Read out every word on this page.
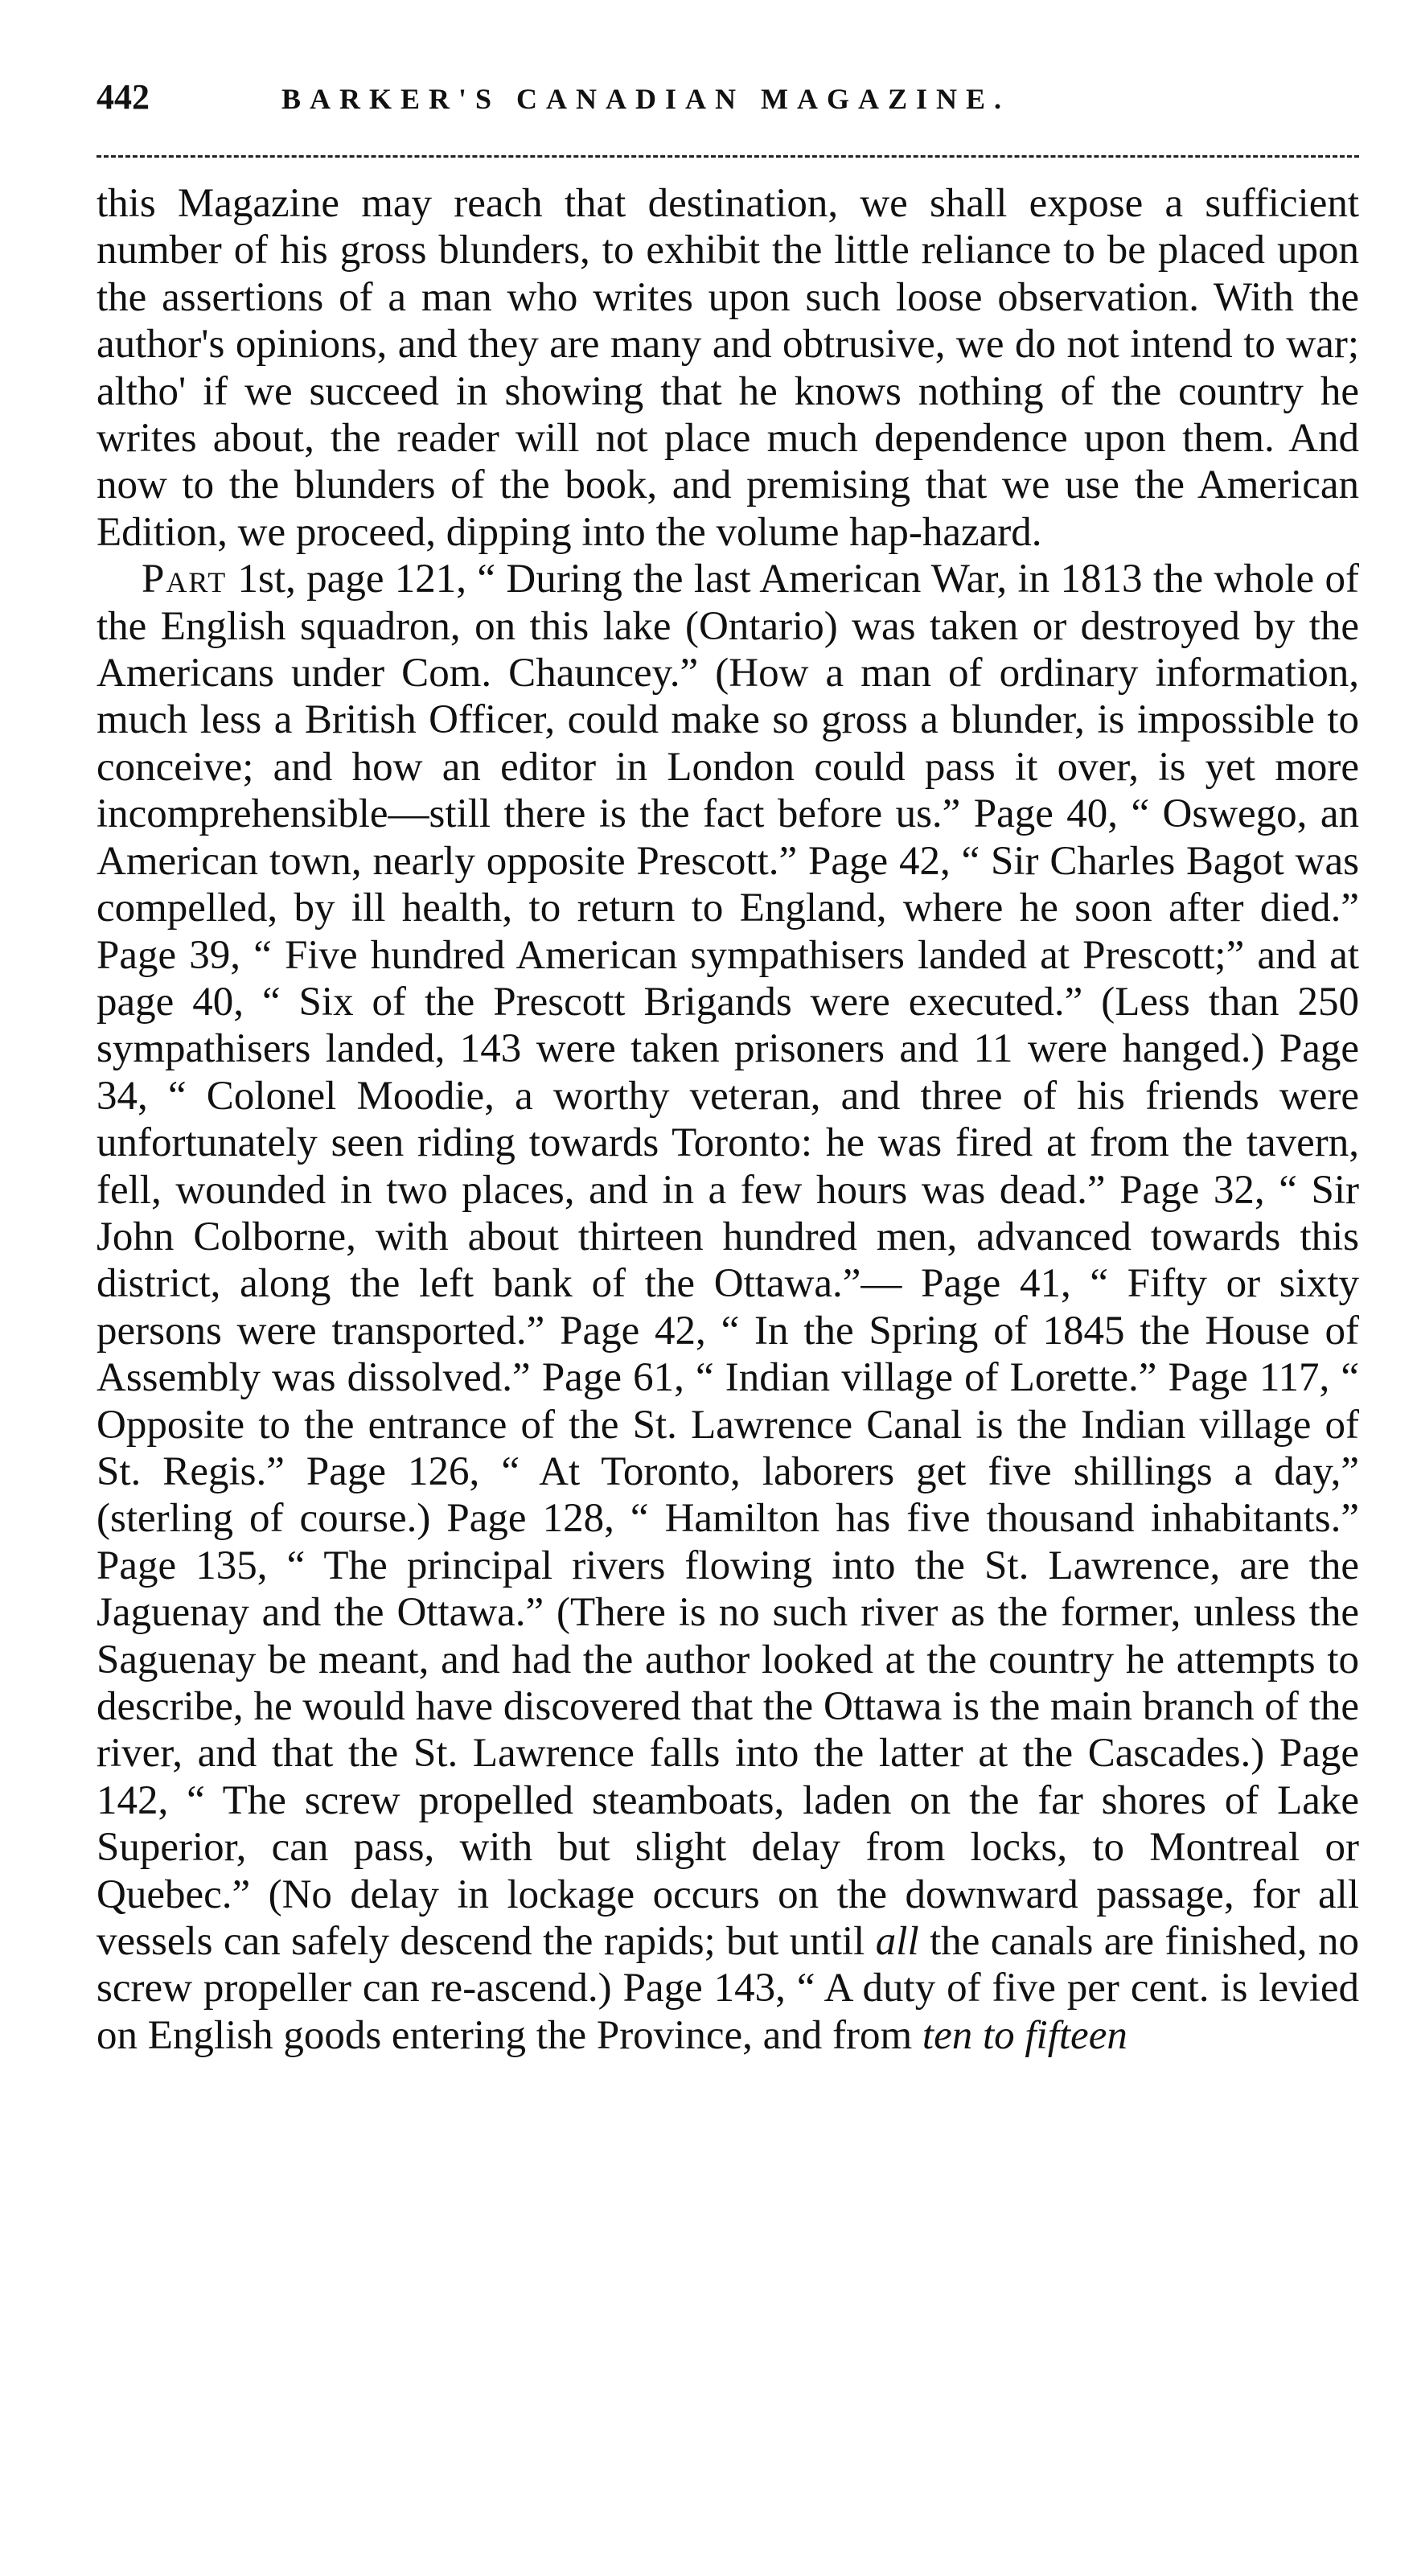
442	BARKER'S CANADIAN MAGAZINE.

this Magazine may reach that destination, we shall expose a sufficient number of his gross blunders, to exhibit the little reliance to be placed upon the assertions of a man who writes upon such loose observation. With the author's opinions, and they are many and obtrusive, we do not intend to war; altho' if we succeed in showing that he knows nothing of the country he writes about, the reader will not place much dependence upon them. And now to the blunders of the book, and premising that we use the American Edition, we proceed, dipping into the volume hap-hazard.

Part 1st, page 121, “ During the last American War, in 1813 the whole of the English squadron, on this lake (Ontario) was taken or destroyed by the Americans under Com. Chauncey.” (How a man of ordinary information, much less a British Officer, could make so gross a blunder, is impossible to conceive; and how an editor in London could pass it over, is yet more incomprehensible—still there is the fact before us.” Page 40, “ Oswego, an American town, nearly opposite Prescott.” Page 42, “ Sir Charles Bagot was compelled, by ill health, to return to England, where he soon after died.” Page 39, “ Five hundred American sympathisers landed at Prescott;” and at page 40, “ Six of the Prescott Brigands were executed.” (Less than 250 sympathisers landed, 143 were taken prisoners and 11 were hanged.) Page 34, “ Colonel Moodie, a worthy veteran, and three of his friends were unfortunately seen riding towards Toronto: he was fired at from the tavern, fell, wounded in two places, and in a few hours was dead.” Page 32, “ Sir John Colborne, with about thirteen hundred men, advanced towards this district, along the left bank of the Ottawa.”— Page 41, “ Fifty or sixty persons were transported.” Page 42, “ In the Spring of 1845 the House of Assembly was dissolved.” Page 61, “ Indian village of Lorette.” Page 117, “ Opposite to the entrance of the St. Lawrence Canal is the Indian village of St. Regis.” Page 126, “ At Toronto, laborers get five shillings a day,” (sterling of course.) Page 128, “ Hamilton has five thousand inhabitants.” Page 135, “ The principal rivers flowing into the St. Lawrence, are the Jaguenay and the Ottawa.” (There is no such river as the former, unless the Saguenay be meant, and had the author looked at the country he attempts to describe, he would have discovered that the Ottawa is the main branch of the river, and that the St. Lawrence falls into the latter at the Cascades.) Page 142, “ The screw propelled steamboats, laden on the far shores of Lake Superior, can pass, with but slight delay from locks, to Montreal or Quebec.” (No delay in lockage occurs on the downward passage, for all vessels can safely descend the rapids; but until all the canals are finished, no screw propeller can re-ascend.) Page 143, “ A duty of five per cent. is levied on English goods entering the Province, and from ten to fifteen
